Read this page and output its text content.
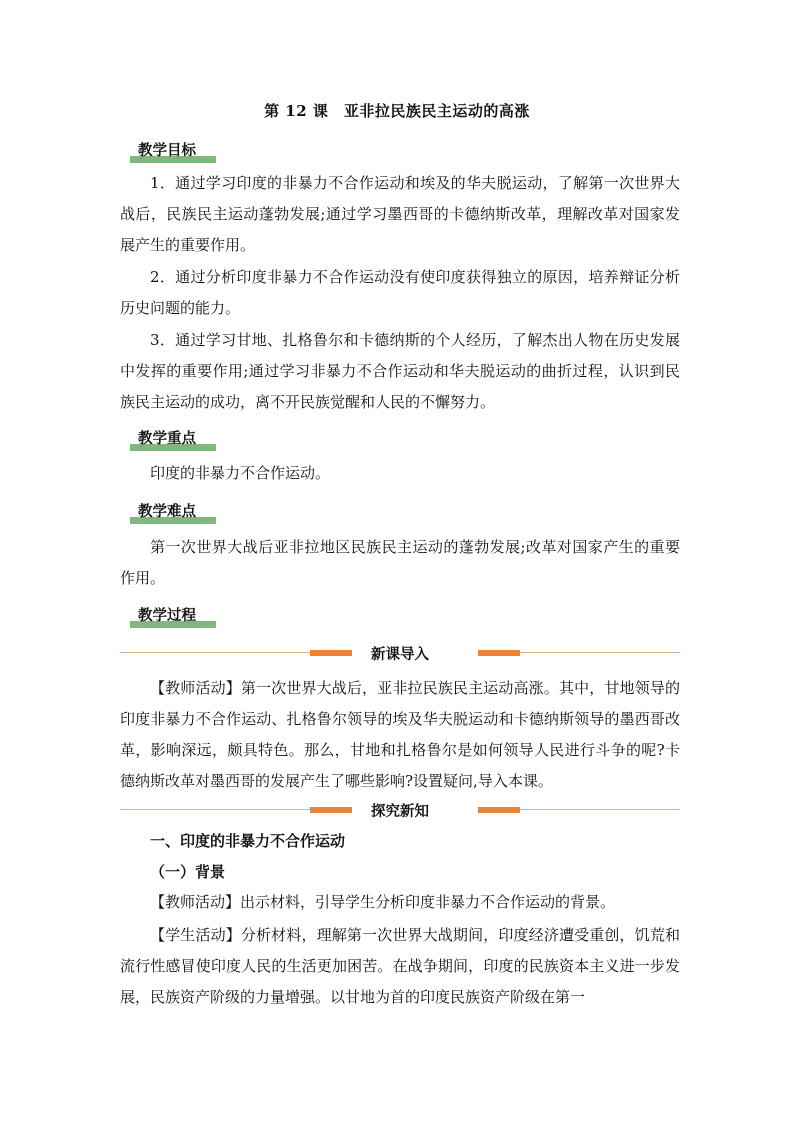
第 12 课　亚非拉民族民主运动的高涨
教学目标

1．通过学习印度的非暴力不合作运动和埃及的华夫脱运动，了解第一次世界大战后，民族民主运动蓬勃发展;通过学习墨西哥的卡德纳斯改革，理解改革对国家发展产生的重要作用。

2．通过分析印度非暴力不合作运动没有使印度获得独立的原因，培养辩证分析历史问题的能力。

3．通过学习甘地、扎格鲁尔和卡德纳斯的个人经历，了解杰出人物在历史发展中发挥的重要作用;通过学习非暴力不合作运动和华夫脱运动的曲折过程，认识到民族民主运动的成功，离不开民族觉醒和人民的不懈努力。

教学重点

印度的非暴力不合作运动。

教学难点

第一次世界大战后亚非拉地区民族民主运动的蓬勃发展;改革对国家产生的重要作用。

教学过程
新课导入

【教师活动】第一次世界大战后，亚非拉民族民主运动高涨。其中，甘地领导的印度非暴力不合作运动、扎格鲁尔领导的埃及华夫脱运动和卡德纳斯领导的墨西哥改革，影响深远，颇具特色。那么，甘地和扎格鲁尔是如何领导人民进行斗争的呢?卡德纳斯改革对墨西哥的发展产生了哪些影响?设置疑问,导入本课。

探究新知
一、印度的非暴力不合作运动
（一）背景

【教师活动】出示材料，引导学生分析印度非暴力不合作运动的背景。

【学生活动】分析材料，理解第一次世界大战期间，印度经济遭受重创，饥荒和流行性感冒使印度人民的生活更加困苦。在战争期间，印度的民族资本主义进一步发展，民族资产阶级的力量增强。以甘地为首的印度民族资产阶级在第一
